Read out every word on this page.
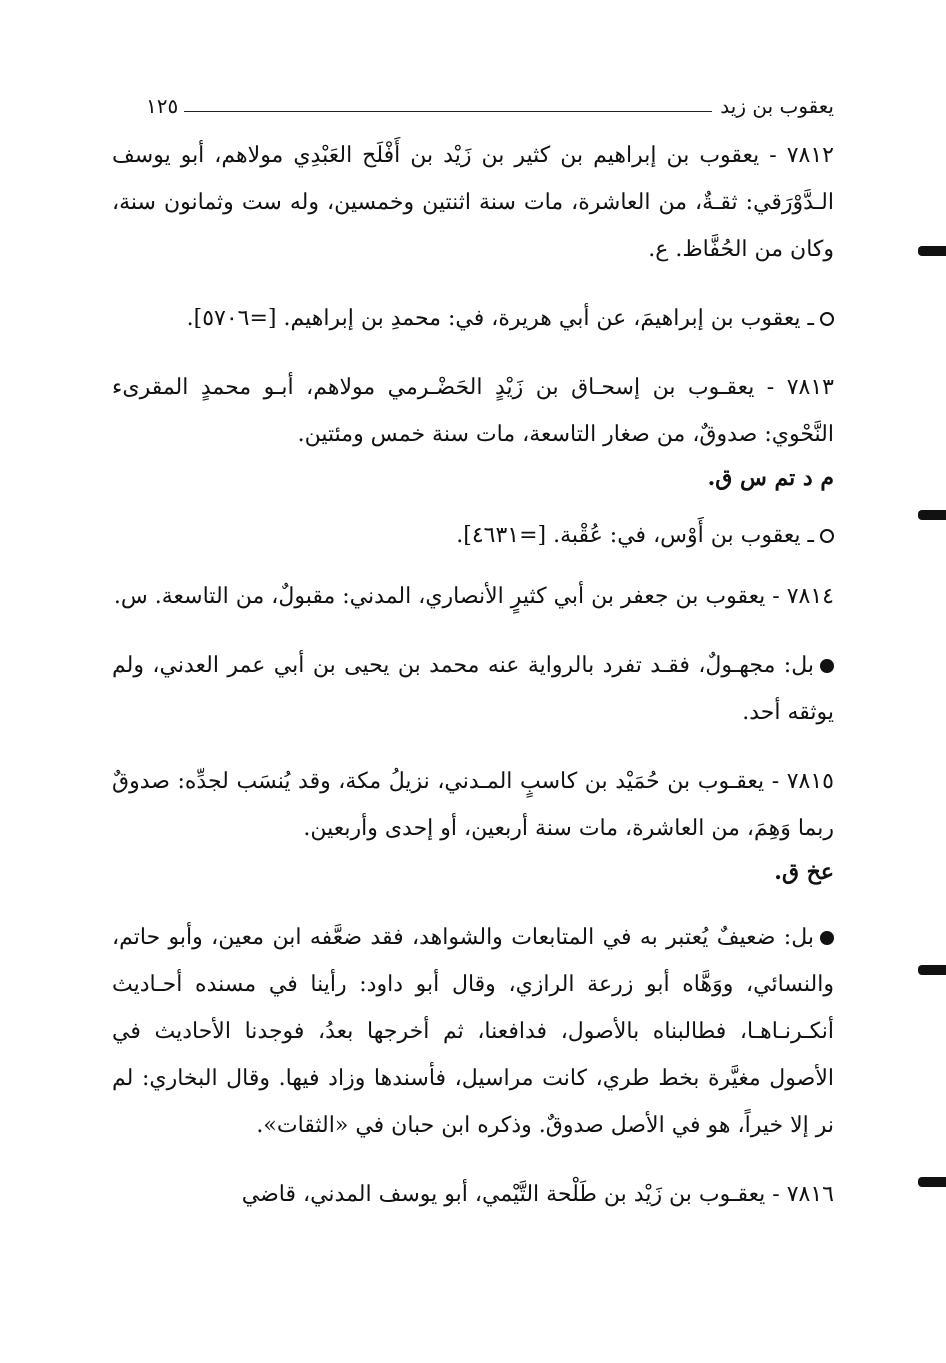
يعقوب بن زيد
١٢٥

٧٨١٢ - يعقوب بن إبراهيم بن كثير بن زَيْد بن أَفْلَح العَبْدِي مولاهم، أبو يوسف الـدَّوْرَقي: ثقـةٌ، من العاشرة، مات سنة اثنتين وخمسين، وله ست وثمانون سنة، وكان من الحُفَّاظ. ع.

ـ يعقوب بن إبراهيمَ، عن أبي هريرة، في: محمدِ بن إبراهيم. [=٥٧٠٦].

٧٨١٣ - يعقـوب بن إسحـاق بن زَيْدٍ الحَضْـرمي مولاهم، أبـو محمدٍ المقرىء النَّحْوي: صدوقٌ، من صغار التاسعة، مات سنة خمس ومئتين.

م د تم س ق.

ـ يعقوب بن أَوْس، في: عُقْبة. [=٤٦٣١].

٧٨١٤ - يعقوب بن جعفر بن أبي كثيرٍ الأنصاري، المدني: مقبولٌ، من التاسعة. س.

بل: مجهـولٌ، فقـد تفرد بالرواية عنه محمد بن يحيى بن أبي عمر العدني، ولم يوثقه أحد.

٧٨١٥ - يعقـوب بن حُمَيْد بن كاسبٍ المـدني، نزيلُ مكة، وقد يُنسَب لجدِّه: صدوقٌ ربما وَهِمَ، من العاشرة، مات سنة أربعين، أو إحدى وأربعين.

عخ ق.

بل: ضعيفٌ يُعتبر به في المتابعات والشواهد، فقد ضعَّفه ابن معين، وأبو حاتم، والنسائي، ووَهَّاه أبو زرعة الرازي، وقال أبو داود: رأينا في مسنده أحـاديث أنكـرنـاهـا، فطالبناه بالأصول، فدافعنا، ثم أخرجها بعدُ، فوجدنا الأحاديث في الأصول مغيَّرة بخط طري، كانت مراسيل، فأسندها وزاد فيها. وقال البخاري: لم نر إلا خيراً، هو في الأصل صدوقٌ. وذكره ابن حبان في «الثقات».

٧٨١٦ - يعقـوب بن زَيْد بن طَلْحة التَّيْمي، أبو يوسف المدني، قاضي
